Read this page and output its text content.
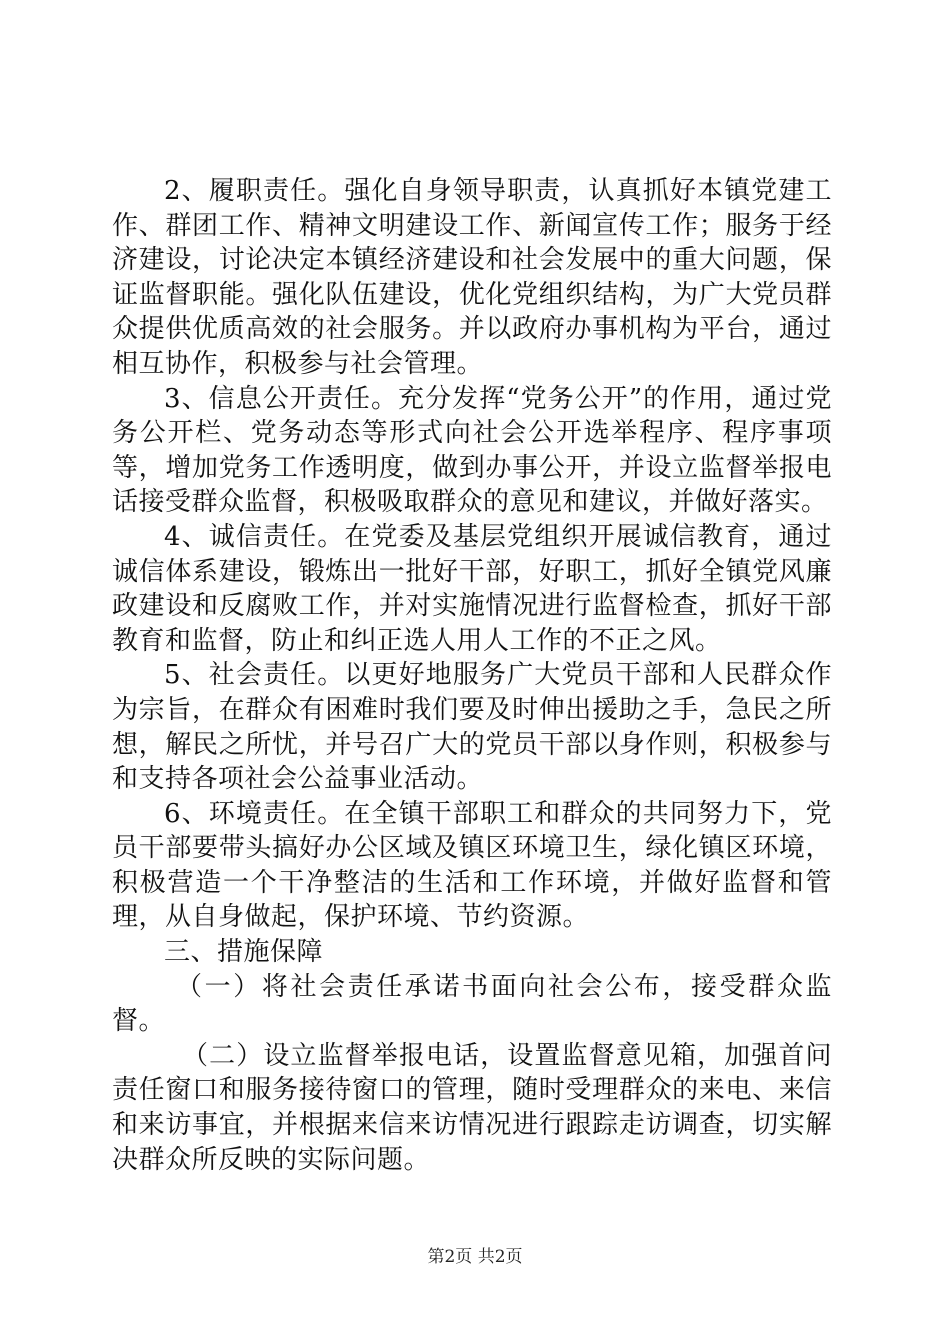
2、履职责任。强化自身领导职责，认真抓好本镇党建工作、群团工作、精神文明建设工作、新闻宣传工作；服务于经济建设，讨论决定本镇经济建设和社会发展中的重大问题，保证监督职能。强化队伍建设，优化党组织结构，为广大党员群众提供优质高效的社会服务。并以政府办事机构为平台，通过相互协作，积极参与社会管理。

3、信息公开责任。充分发挥“党务公开”的作用，通过党务公开栏、党务动态等形式向社会公开选举程序、程序事项等，增加党务工作透明度，做到办事公开，并设立监督举报电话接受群众监督，积极吸取群众的意见和建议，并做好落实。

4、诚信责任。在党委及基层党组织开展诚信教育，通过诚信体系建设，锻炼出一批好干部，好职工，抓好全镇党风廉政建设和反腐败工作，并对实施情况进行监督检查，抓好干部教育和监督，防止和纠正选人用人工作的不正之风。

5、社会责任。以更好地服务广大党员干部和人民群众作为宗旨，在群众有困难时我们要及时伸出援助之手，急民之所想，解民之所忧，并号召广大的党员干部以身作则，积极参与和支持各项社会公益事业活动。

6、环境责任。在全镇干部职工和群众的共同努力下，党员干部要带头搞好办公区域及镇区环境卫生，绿化镇区环境，积极营造一个干净整洁的生活和工作环境，并做好监督和管理，从自身做起，保护环境、节约资源。

三、措施保障

（一）将社会责任承诺书面向社会公布，接受群众监督。

（二）设立监督举报电话，设置监督意见箱，加强首问责任窗口和服务接待窗口的管理，随时受理群众的来电、来信和来访事宜，并根据来信来访情况进行跟踪走访调查，切实解决群众所反映的实际问题。

第2页 共2页
